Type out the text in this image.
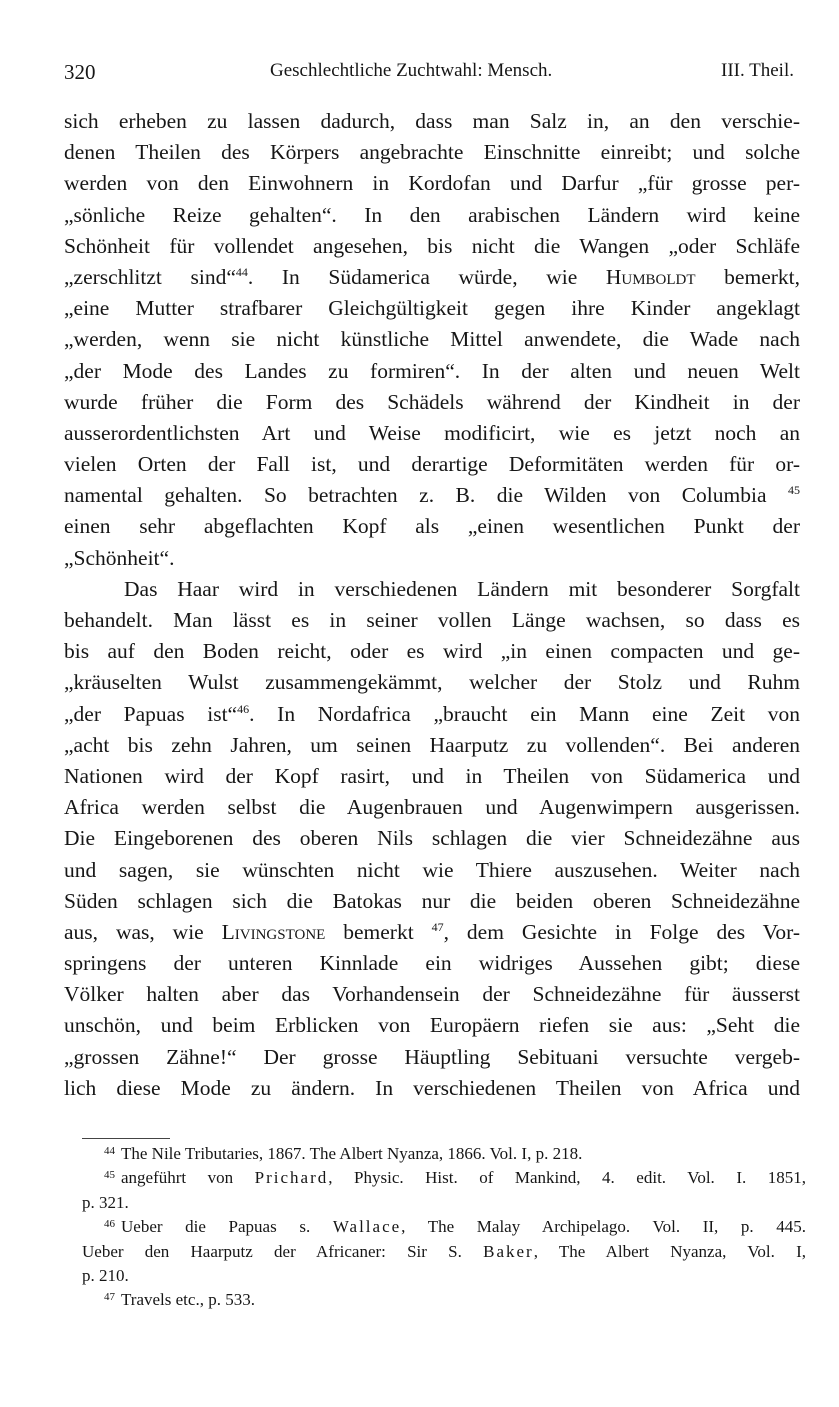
320	Geschlechtliche Zuchtwahl: Mensch.	III. Theil.
sich erheben zu lassen dadurch, dass man Salz in, an den verschie-
denen Theilen des Körpers angebrachte Einschnitte einreibt; und solche
werden von den Einwohnern in Kordofan und Darfur „für grosse per-
„sönliche Reize gehalten“. In den arabischen Ländern wird keine
Schönheit für vollendet angesehen, bis nicht die Wangen „oder Schläfe
„zerschlitzt sind“$^{44}$. In Südamerica würde, wie Humboldt bemerkt,
„eine Mutter strafbarer Gleichgültigkeit gegen ihre Kinder angeklagt
„werden, wenn sie nicht künstliche Mittel anwendete, die Wade nach
„der Mode des Landes zu formiren“. In der alten und neuen Welt
wurde früher die Form des Schädels während der Kindheit in der
ausserordentlichsten Art und Weise modificirt, wie es jetzt noch an
vielen Orten der Fall ist, und derartige Deformitäten werden für or-
namental gehalten. So betrachten z. B. die Wilden von Columbia $^{45}$
einen sehr abgeflachten Kopf als „einen wesentlichen Punkt der
„Schönheit“.
Das Haar wird in verschiedenen Ländern mit besonderer Sorgfalt
behandelt. Man lässt es in seiner vollen Länge wachsen, so dass es
bis auf den Boden reicht, oder es wird „in einen compacten und ge-
„kräuselten Wulst zusammengekämmt, welcher der Stolz und Ruhm
„der Papuas ist“$^{46}$. In Nordafrica „braucht ein Mann eine Zeit von
„acht bis zehn Jahren, um seinen Haarputz zu vollenden“. Bei anderen
Nationen wird der Kopf rasirt, und in Theilen von Südamerica und
Africa werden selbst die Augenbrauen und Augenwimpern ausgerissen.
Die Eingeborenen des oberen Nils schlagen die vier Schneidezähne aus
und sagen, sie wünschten nicht wie Thiere auszusehen. Weiter nach
Süden schlagen sich die Batokas nur die beiden oberen Schneidezähne
aus, was, wie Livingstone bemerkt $^{47}$, dem Gesichte in Folge des Vor-
springens der unteren Kinnlade ein widriges Aussehen gibt; diese
Völker halten aber das Vorhandensein der Schneidezähne für äusserst
unschön, und beim Erblicken von Europäern riefen sie aus: „Seht die
„grossen Zähne!“ Der grosse Häuptling Sebituani versuchte vergeb-
lich diese Mode zu ändern. In verschiedenen Theilen von Africa und
$^{44}$ The Nile Tributaries, 1867. The Albert Nyanza, 1866. Vol. I, p. 218.
$^{45}$ angeführt von Prichard, Physic. Hist. of Mankind, 4. edit. Vol. I. 1851,
p. 321.
$^{46}$ Ueber die Papuas s. Wallace, The Malay Archipelago. Vol. II, p. 445.
Ueber den Haarputz der Africaner: Sir S. Baker, The Albert Nyanza, Vol. I,
p. 210.
$^{47}$ Travels etc., p. 533.
